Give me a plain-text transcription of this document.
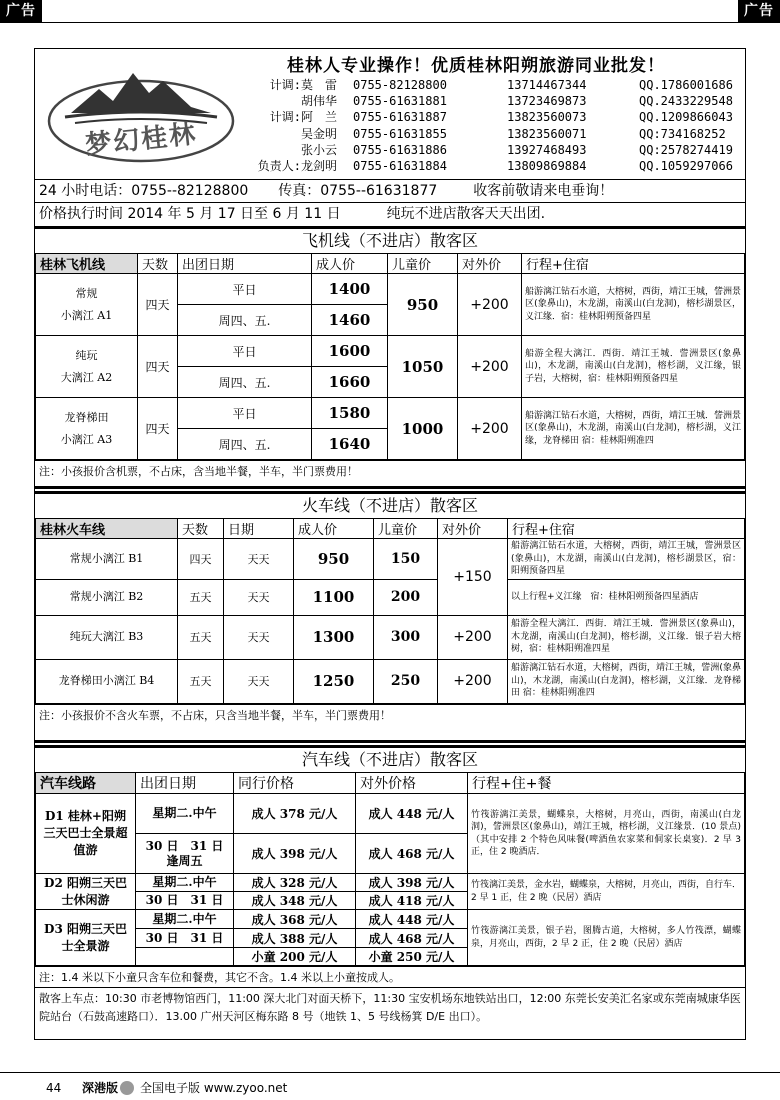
广告	广告
梦幻桂林
桂林人专业操作！优质桂林阳朔旅游同业批发！
计调: 莫　雷	0755-82128800	13714467344	QQ.1786001686
胡伟华	0755-61631881	13723469873	QQ.2433229548
计调: 阿　兰	0755-61631887	13823560073	QQ.1209866043
吴金明	0755-61631855	13823560071	QQ:734168252
张小云	0755-61631886	13927468493	QQ:2578274419
负责人: 龙剑明	0755-61631884	13809869884	QQ.1059297066
24 小时电话：0755--82128800 传真：0755--61631877	收客前敬请来电垂询！
价格执行时间 2014 年 5 月 17 日至 6 月 11 日	纯玩不进店散客天天出团.
飞机线（不进店）散客区
桂林飞机线	天数	出团日期	成人价	儿童价	对外价	行程+住宿

常规
小漓江 A1	四天	平日	1400	950	+200	船游漓江钻石水道，大榕树，西街，靖江王城，訾洲景区(象鼻山)，木龙湖，南溪山(白龙洞)，榕杉湖景区，义江缘．宿：桂林阳朔预备四星
		周四、五.	1460			

纯玩
大漓江 A2	四天	平日	1600	1050	+200	船游全程大漓江．西街．靖江王城．訾洲景区(象鼻山)，木龙湖，南溪山(白龙洞)，榕杉湖，义江缘，银子岩，大榕树，宿：桂林阳朔预备四星
		周四、五.	1660			

龙脊梯田
小漓江 A3	四天	平日	1580	1000	+200	船游漓江钻石水道，大榕树，西街，靖江王城．訾洲景区(象鼻山)，木龙湖，南溪山(白龙洞)，榕杉湖，义江缘，龙脊梯田 宿：桂林阳朔准四
		周四、五.	1640			
注：小孩报价含机票，不占床，含当地半餐，半车，半门票费用！
火车线（不进店）散客区
桂林火车线	天数	日期	成人价	儿童价	对外价	行程+住宿
常规小漓江 B1	四天	天天	950	150	+150	船游漓江钻石水道，大榕树，西街，靖江王城，訾洲景区(象鼻山)，木龙湖，南溪山(白龙洞)，榕杉湖景区，宿：阳朔预备四星
常规小漓江 B2	五天	天天	1100	200		以上行程+义江缘　宿：桂林阳朔预备四星酒店
纯玩大漓江 B3	五天	天天	1300	300	+200	船游全程大漓江．西街．靖江王城．訾洲景区(象鼻山)，木龙湖，南溪山(白龙洞)，榕杉湖，义江缘．银子岩大榕树，宿：桂林阳朔准四星
龙脊梯田小漓江 B4	五天	天天	1250	250	+200	船游漓江钻石水道，大榕树，西街，靖江王城，訾洲(象鼻山)，木龙湖，南溪山(白龙洞)，榕杉湖，义江缘．龙脊梯田 宿：桂林阳朔准四
注：小孩报价不含火车票，不占床，只含当地半餐，半车，半门票费用！
汽车线（不进店）散客区
汽车线路	出团日期	同行价格	对外价格	行程+住+餐
D1 桂林+阳朔三天巴士全景超值游	星期二.中午	成人 378 元/人	成人 448 元/人	竹筏游漓江美景，蝴蝶泉，大榕树，月亮山，西街，南溪山(白龙洞)，訾洲景区(象鼻山)，靖江王城，榕杉湖，义江缘景．(10 景点)（其中安排 2 个特色风味餐(啤酒鱼农家菜和侗家长桌宴)．2 早 3 正，住 2 晚酒店．
	30 日　31 日　逢周五	成人 398 元/人	成人 468 元/人	
D2 阳朔三天巴士休闲游	星期二.中午	成人 328 元/人	成人 398 元/人	竹筏漓江美景，金水岩，蝴蝶泉，大榕树，月亮山，西街，自行车． 2 早 1 正，住 2 晚（民居）酒店
	30 日　31 日	成人 348 元/人	成人 418 元/人	
D3 阳朔三天巴士全景游	星期二.中午	成人 368 元/人	成人 448 元/人	竹筏游漓江美景，银子岩，图腾古道，大榕树，多人竹筏漂，蝴蝶泉，月亮山，西街，2 早 2 正，住 2 晚（民居）酒店
	30 日　31 日	成人 388 元/人	成人 468 元/人	
		小童 200 元/人	小童 250 元/人	
注：1.4 米以下小童只含车位和餐费，其它不含。1.4 米以上小童按成人。
散客上车点：10:30 市老博物馆西门，11:00 深大北门对面天桥下，11:30 宝安机场东地铁站出口，12:00 东莞长安美汇名家或东莞南城康华医院站台（石鼓高速路口）．13.00 广州天河区梅东路 8 号（地铁 1、5 号线杨箕 D/E 出口）。
44 深港版 全国电子版 www.zyoo.net
